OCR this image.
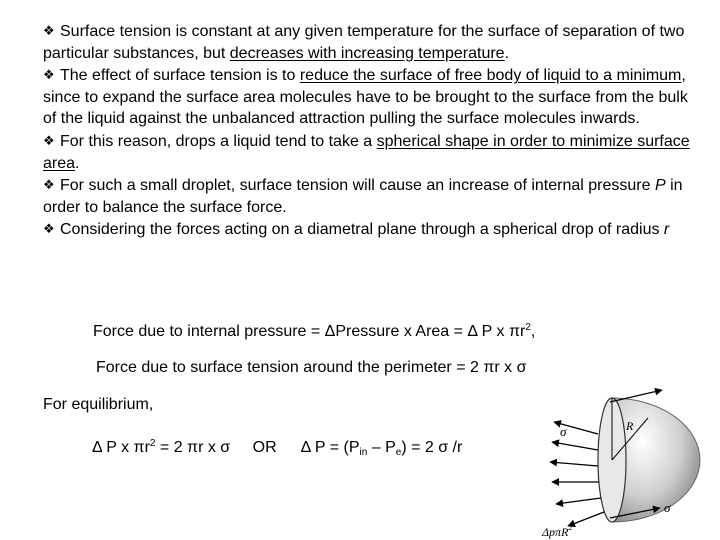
❖ Surface tension is constant at any given temperature for the surface of separation of two particular substances, but decreases with increasing temperature.

❖ The effect of surface tension is to reduce the surface of free body of liquid to a minimum, since to expand the surface area molecules have to be brought to the surface from the bulk of the liquid against the unbalanced attraction pulling the surface molecules inwards.

❖ For this reason, drops a liquid tend to take a spherical shape in order to minimize surface area.

❖ For such a small droplet, surface tension will cause an increase of internal pressure P in order to balance the surface force.

❖ Considering the forces acting on a diametral plane through a spherical drop of radius r

Force due to internal pressure = ΔPressure x Area = Δ P x $\pi r^2$,
Force due to surface tension around the perimeter = 2 πr x σ
For equilibrium,
Δ P x $\pi r^2 = 2$ πr x σ OR Δ $P = (P_{in} - P_e) = 2$ σ /r
σ
σ
R
ΔpπR$^2$
